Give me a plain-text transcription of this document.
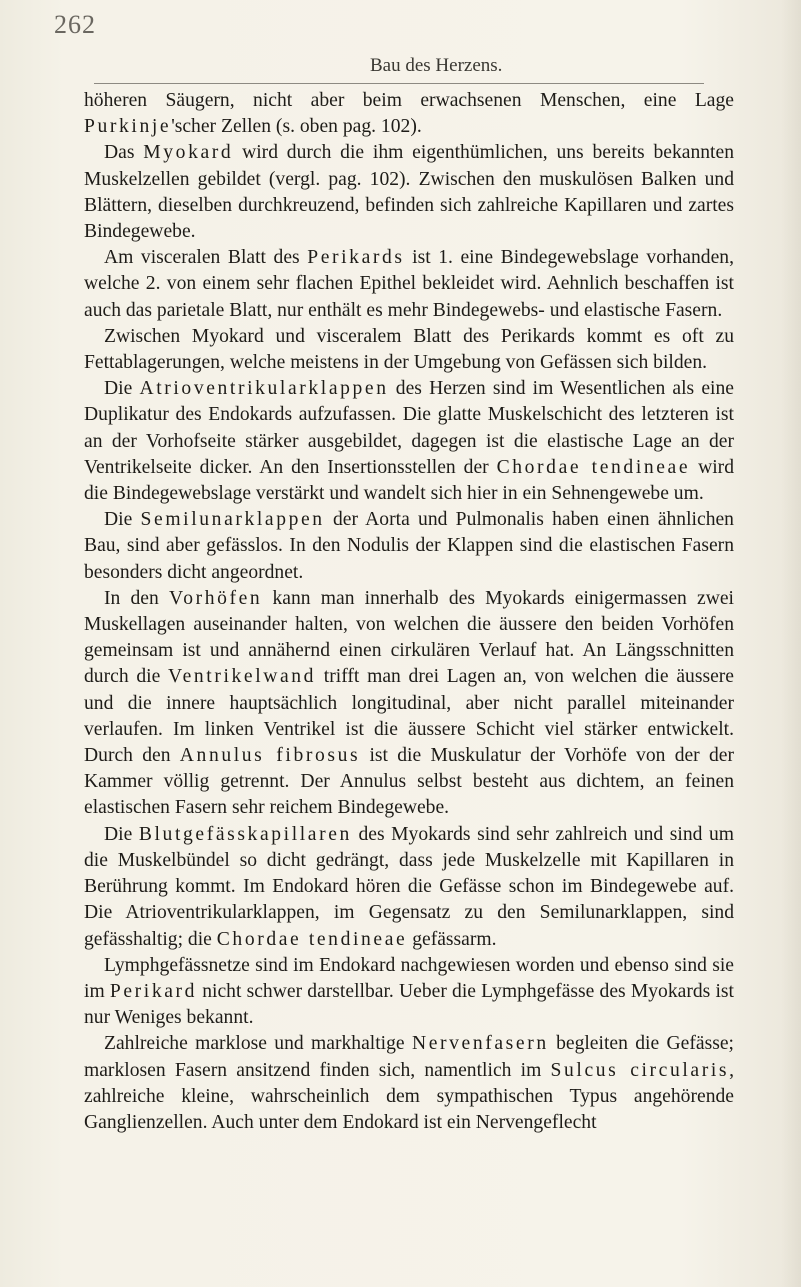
262
Bau des Herzens.

höheren Säugern, nicht aber beim erwachsenen Menschen, eine Lage Purkinje'scher Zellen (s. oben pag. 102).

Das Myokard wird durch die ihm eigenthümlichen, uns bereits bekannten Muskelzellen gebildet (vergl. pag. 102). Zwischen den muskulösen Balken und Blättern, dieselben durchkreuzend, befinden sich zahlreiche Kapillaren und zartes Bindegewebe.

Am visceralen Blatt des Perikards ist 1. eine Bindegewebslage vorhanden, welche 2. von einem sehr flachen Epithel bekleidet wird. Aehnlich beschaffen ist auch das parietale Blatt, nur enthält es mehr Bindegewebs- und elastische Fasern.

Zwischen Myokard und visceralem Blatt des Perikards kommt es oft zu Fettablagerungen, welche meistens in der Umgebung von Gefässen sich bilden.

Die Atrioventrikularklappen des Herzen sind im Wesentlichen als eine Duplikatur des Endokards aufzufassen. Die glatte Muskelschicht des letzteren ist an der Vorhofseite stärker ausgebildet, dagegen ist die elastische Lage an der Ventrikelseite dicker. An den Insertionsstellen der Chordae tendineae wird die Bindegewebslage verstärkt und wandelt sich hier in ein Sehnengewebe um.

Die Semilunarklappen der Aorta und Pulmonalis haben einen ähnlichen Bau, sind aber gefässlos. In den Nodulis der Klappen sind die elastischen Fasern besonders dicht angeordnet.

In den Vorhöfen kann man innerhalb des Myokards einigermassen zwei Muskellagen auseinander halten, von welchen die äussere den beiden Vorhöfen gemeinsam ist und annähernd einen cirkulären Verlauf hat. An Längsschnitten durch die Ventrikelwand trifft man drei Lagen an, von welchen die äussere und die innere hauptsächlich longitudinal, aber nicht parallel miteinander verlaufen. Im linken Ventrikel ist die äussere Schicht viel stärker entwickelt. Durch den Annulus fibrosus ist die Muskulatur der Vorhöfe von der der Kammer völlig getrennt. Der Annulus selbst besteht aus dichtem, an feinen elastischen Fasern sehr reichem Bindegewebe.

Die Blutgefässkapillaren des Myokards sind sehr zahlreich und sind um die Muskelbündel so dicht gedrängt, dass jede Muskelzelle mit Kapillaren in Berührung kommt. Im Endokard hören die Gefässe schon im Bindegewebe auf. Die Atrioventrikularklappen, im Gegensatz zu den Semilunarklappen, sind gefässhaltig; die Chordae tendineae gefässarm.

Lymphgefässnetze sind im Endokard nachgewiesen worden und ebenso sind sie im Perikard nicht schwer darstellbar. Ueber die Lymphgefässe des Myokards ist nur Weniges bekannt.

Zahlreiche marklose und markhaltige Nervenfasern begleiten die Gefässe; marklosen Fasern ansitzend finden sich, namentlich im Sulcus circularis, zahlreiche kleine, wahrscheinlich dem sympathischen Typus angehörende Ganglienzellen. Auch unter dem Endokard ist ein Nervengeflecht
